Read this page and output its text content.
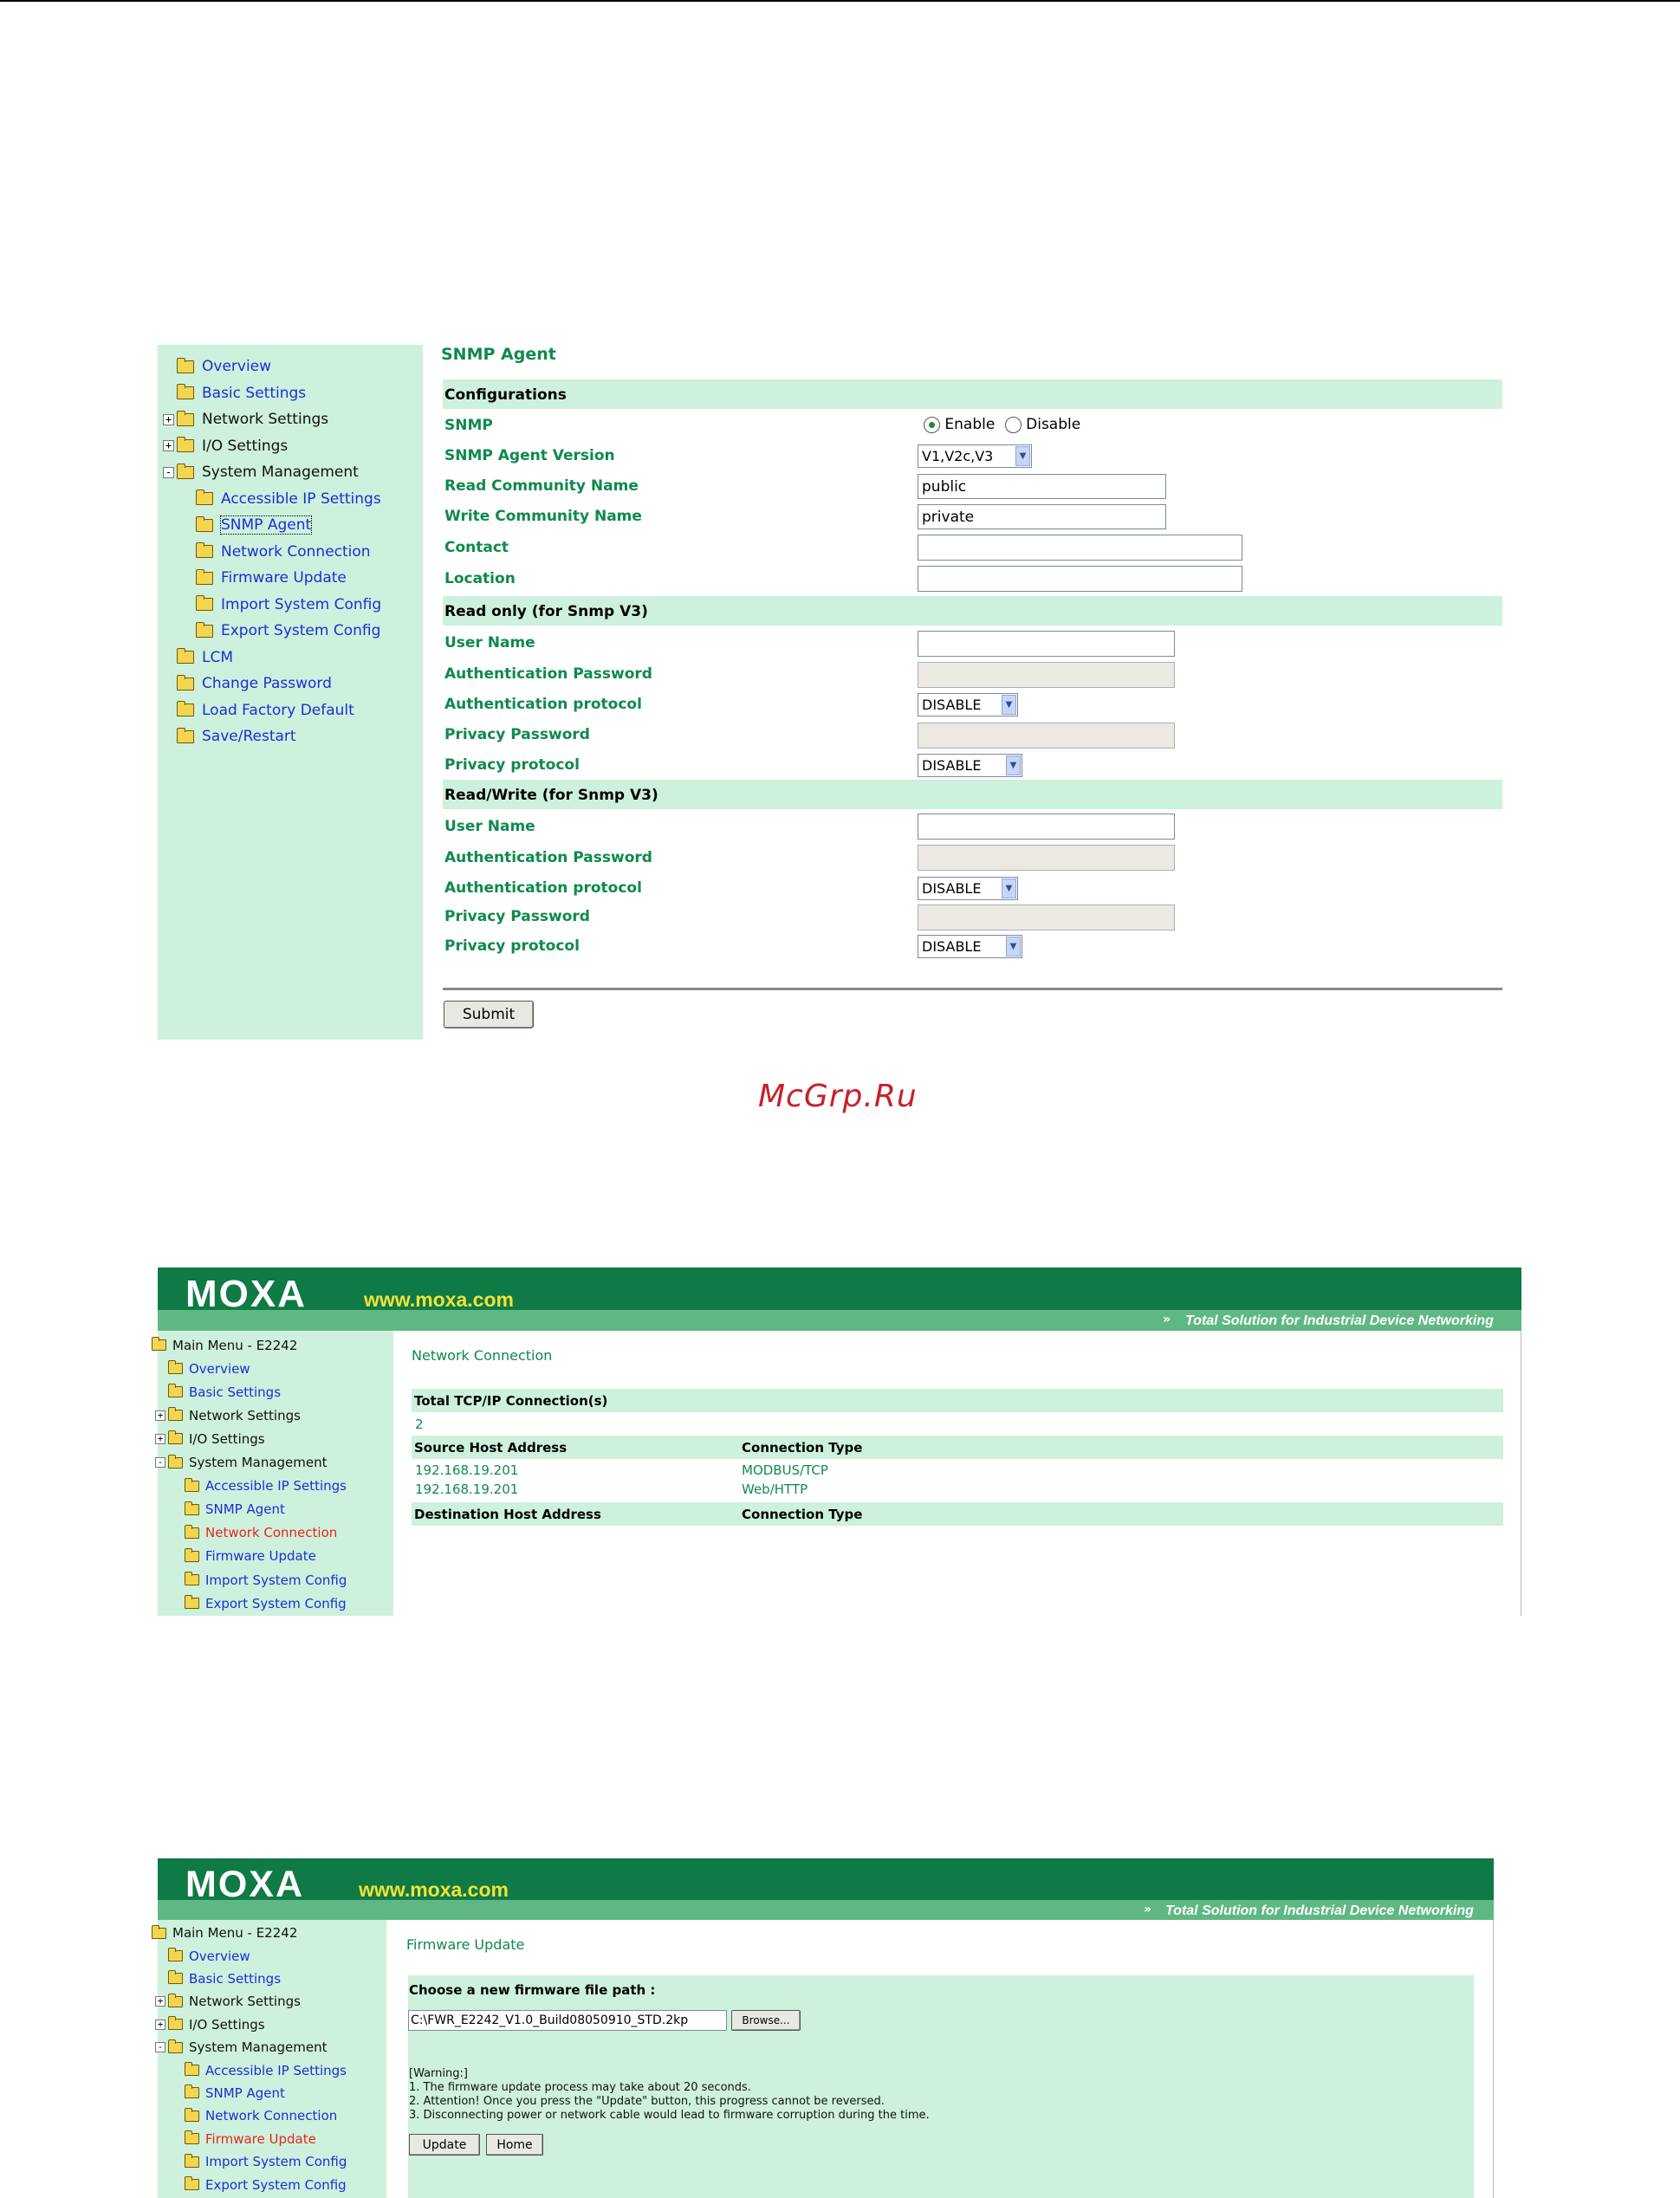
Overview
Basic Settings
+ Network Settings
+ I/O Settings
- System Management
Accessible IP Settings
SNMP Agent
Network Connection
Firmware Update
Import System Config
Export System Config
LCM
Change Password
Load Factory Default
Save/Restart
SNMP Agent
Configurations
SNMP	Enable Disable
SNMP Agent Version	V1,V2c,V3	▼
Read Community Name	public
Write Community Name	private
Contact
Location
Read only (for Snmp V3)
User Name
Authentication Password
Authentication protocol	DISABLE	▼
Privacy Password
Privacy protocol	DISABLE	▼
Read/Write (for Snmp V3)
User Name
Authentication Password
Authentication protocol	DISABLE	▼
Privacy Password
Privacy protocol	DISABLE	▼
Submit
McGrp.Ru
MOXA	www.moxa.com
» Total Solution for Industrial Device Networking
Main Menu - E2242
Overview
Basic Settings
+ Network Settings
+ I/O Settings
- System Management
Accessible IP Settings
SNMP Agent
Network Connection
Firmware Update
Import System Config
Export System Config
Network Connection
Total TCP/IP Connection(s)
2
Source Host Address	Connection Type
192.168.19.201	MODBUS/TCP
192.168.19.201	Web/HTTP
Destination Host Address	Connection Type
MOXA	www.moxa.com
» Total Solution for Industrial Device Networking
Main Menu - E2242
Overview
Basic Settings
+ Network Settings
+ I/O Settings
- System Management
Accessible IP Settings
SNMP Agent
Network Connection
Firmware Update
Import System Config
Export System Config
Firmware Update
Choose a new firmware file path :
C:\FWR_E2242_V1.0_Build08050910_STD.2kp	Browse...
[Warning:]
1. The firmware update process may take about 20 seconds.
2. Attention! Once you press the "Update" button, this progress cannot be reversed.
3. Disconnecting power or network cable would lead to firmware corruption during the time.
Update	Home
